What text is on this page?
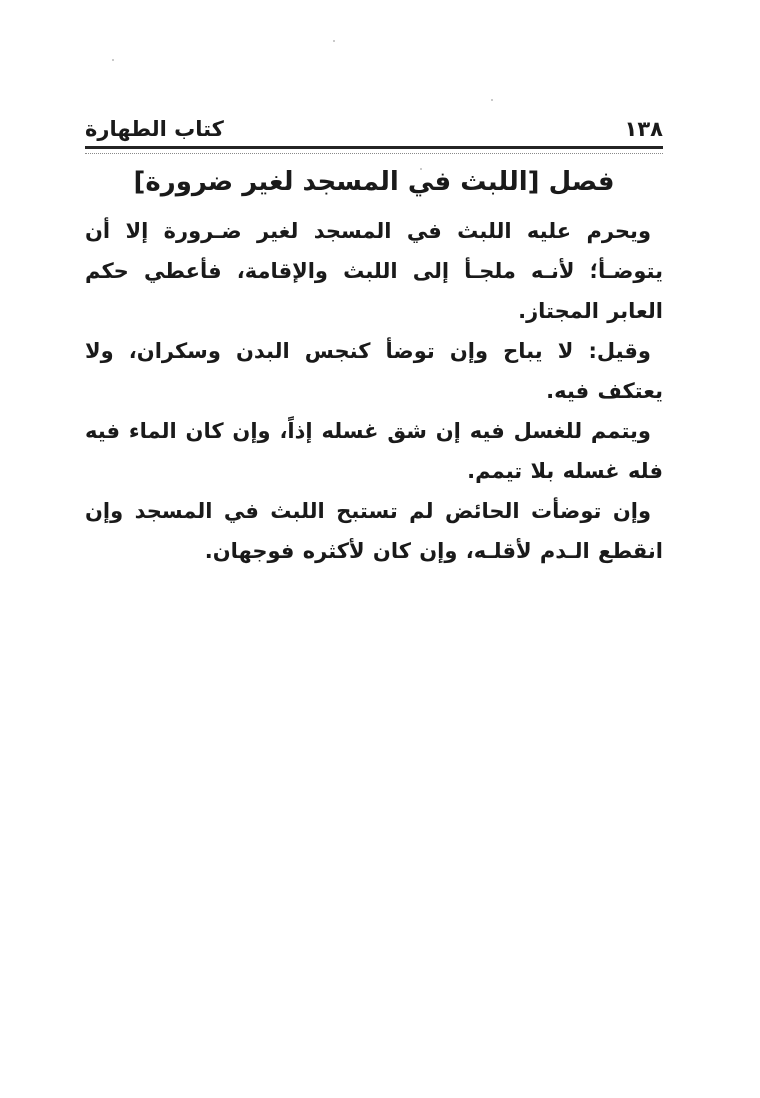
كتاب الطهارة	١٣٨
فصل [اللبث في المسجد لغير ضرورة]

ويحرم عليه اللبث في المسجد لغير ضـرورة إلا أن يتوضـأ؛ لأنـه ملجـأ إلى اللبث والإقامة، فأعطي حكم العابر المجتاز.

وقيل: لا يباح وإن توضأ كنجس البدن وسكران، ولا يعتكف فيه.

ويتمم للغسل فيه إن شق غسله إذاً، وإن كان الماء فيه فله غسله بلا تيمم.

وإن توضأت الحائض لم تستبح اللبث في المسجد وإن انقطع الـدم لأقلـه، وإن كان لأكثره فوجهان.
